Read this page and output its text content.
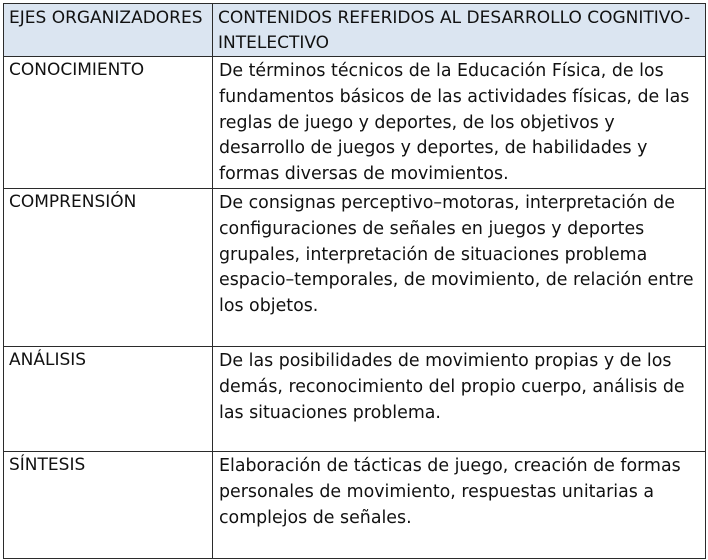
EJES ORGANIZADORES	CONTENIDOS REFERIDOS AL DESARROLLO COGNITIVO-INTELECTIVO
CONOCIMIENTO	De términos técnicos de la Educación Física, de los fundamentos básicos de las actividades físicas, de las reglas de juego y deportes, de los objetivos y desarrollo de juegos y deportes, de habilidades y formas diversas de movimientos.
COMPRENSIÓN	De consignas perceptivo–motoras, interpretación de configuraciones de señales en juegos y deportes grupales, interpretación de situaciones problema espacio–temporales, de movimiento, de relación entre los objetos.
ANÁLISIS	De las posibilidades de movimiento propias y de los demás, reconocimiento del propio cuerpo, análisis de las situaciones problema.
SÍNTESIS	Elaboración de tácticas de juego, creación de formas personales de movimiento, respuestas unitarias a complejos de señales.
